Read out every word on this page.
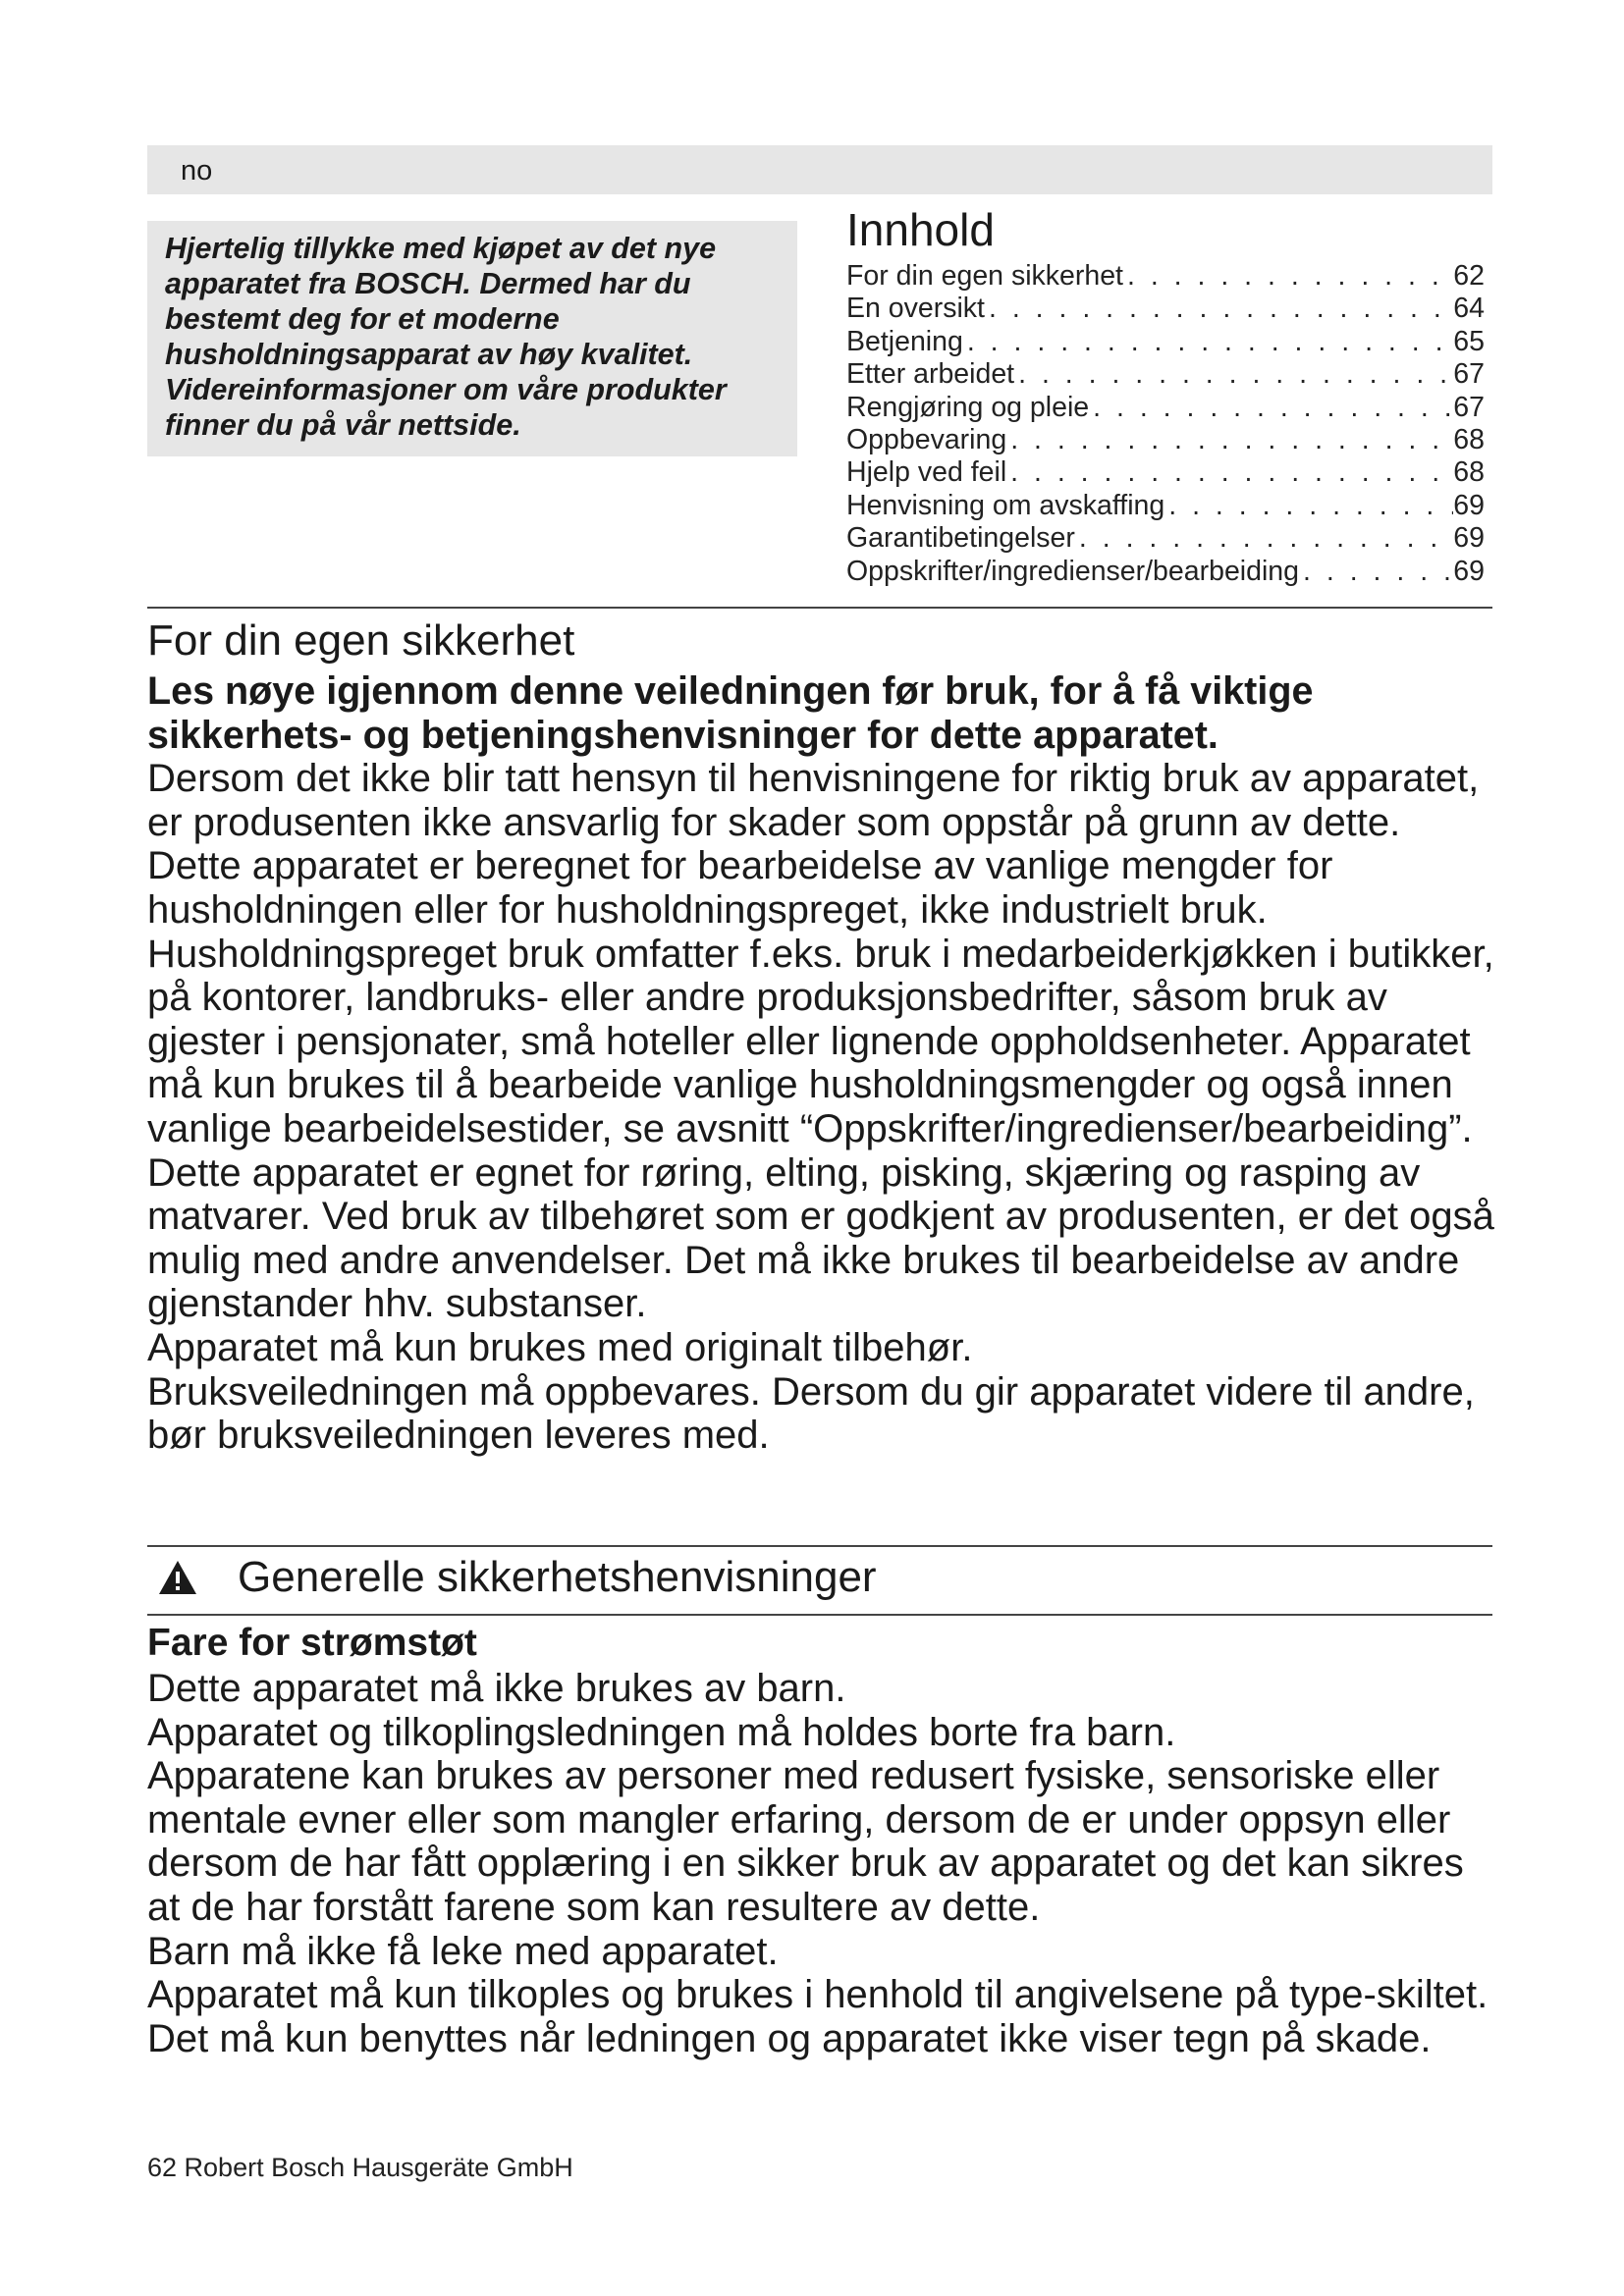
no

Hjertelig tillykke med kjøpet av det nye apparatet fra BOSCH. Dermed har du bestemt deg for et moderne husholdningsapparat av høy kvalitet. Videreinformasjoner om våre produkter finner du på vår nettside.

Innhold
For din egen sikkerhet . . .	62
En oversikt . . .	64
Betjening . . .	65
Etter arbeidet . . .	67
Rengjøring og pleie . . .	67
Oppbevaring . . .	68
Hjelp ved feil . . .	68
Henvisning om avskaffing . . .	69
Garantibetingelser . . .	69
Oppskrifter/ingredienser/bearbeiding . . .	69
For din egen sikkerhet

Les nøye igjennom denne veiledningen før bruk, for å få viktige sikkerhets- og betjeningshenvisninger for dette apparatet.

Dersom det ikke blir tatt hensyn til henvisningene for riktig bruk av apparatet, er produsenten ikke ansvarlig for skader som oppstår på grunn av dette.

Dette apparatet er beregnet for bearbeidelse av vanlige mengder for husholdningen eller for husholdningspreget, ikke industrielt bruk. Husholdningspreget bruk omfatter f.eks. bruk i medarbeiderkjøkken i butikker, på kontorer, landbruks- eller andre produksjonsbedrifter, såsom bruk av gjester i pensjonater, små hoteller eller lignende oppholdsenheter. Apparatet må kun brukes til å bearbeide vanlige husholdningsmengder og også innen vanlige bearbeidelsestider, se avsnitt “Oppskrifter/ingredienser/bearbeiding”.

Dette apparatet er egnet for røring, elting, pisking, skjæring og rasping av matvarer. Ved bruk av tilbehøret som er godkjent av produsenten, er det også mulig med andre anvendelser. Det må ikke brukes til bearbeidelse av andre gjenstander hhv. substanser.

Apparatet må kun brukes med originalt tilbehør.

Bruksveiledningen må oppbevares. Dersom du gir apparatet videre til andre, bør bruksveiledningen leveres med.

Generelle sikkerhetshenvisninger
Fare for strømstøt

Dette apparatet må ikke brukes av barn.

Apparatet og tilkoplingsledningen må holdes borte fra barn.

Apparatene kan brukes av personer med redusert fysiske, sensoriske eller mentale evner eller som mangler erfaring, dersom de er under oppsyn eller dersom de har fått opplæring i en sikker bruk av apparatet og det kan sikres at de har forstått farene som kan resultere av dette.

Barn må ikke få leke med apparatet.

Apparatet må kun tilkoples og brukes i henhold til angivelsene på type-skiltet. Det må kun benyttes når ledningen og apparatet ikke viser tegn på skade.

62 Robert Bosch Hausgeräte GmbH
